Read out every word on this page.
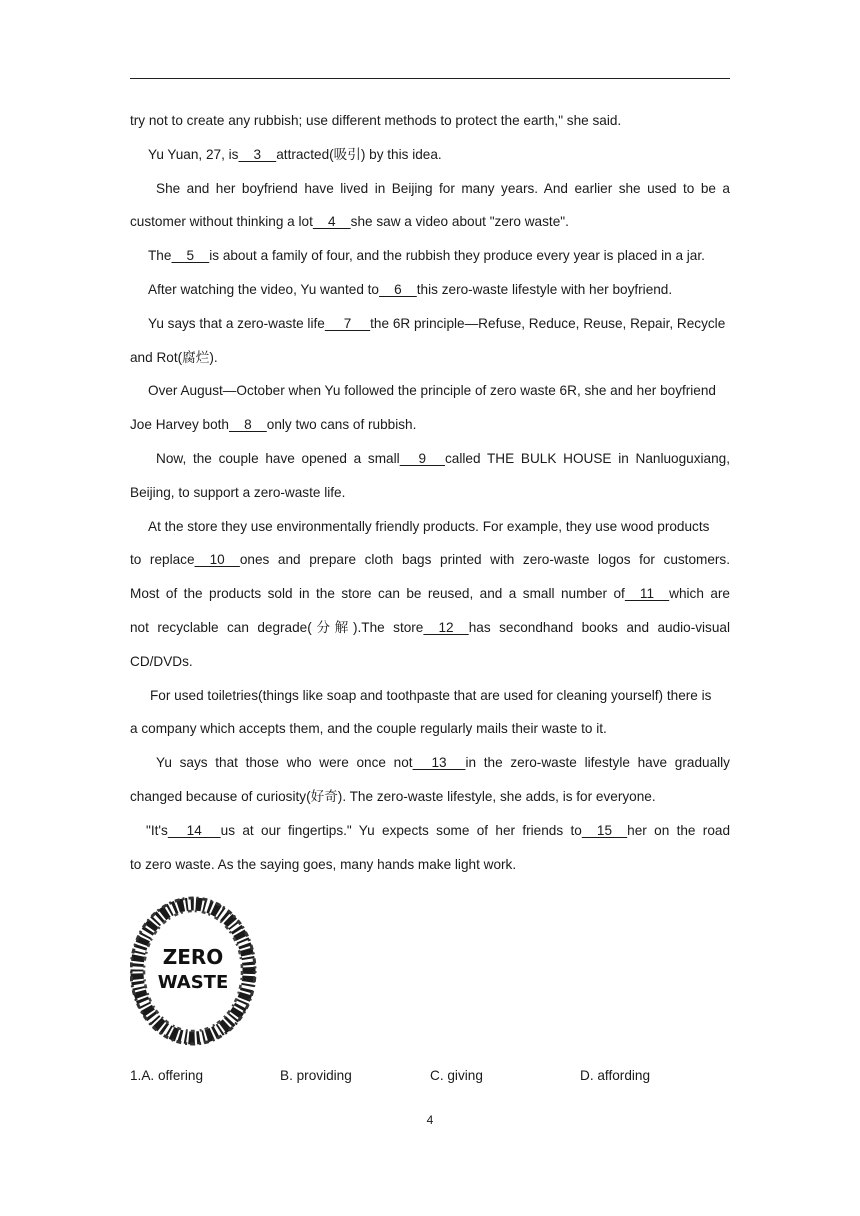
try not to create any rubbish; use different methods to protect the earth," she said.
Yu Yuan, 27, is    3    attracted(吸引) by this idea.
She and her boyfriend have lived in Beijing for many years. And earlier she used to be a
customer without thinking a lot    4    she saw a video about "zero waste".
The    5    is about a family of four, and the rubbish they produce every year is placed in a jar.
After watching the video, Yu wanted to    6    this zero-waste lifestyle with her boyfriend.
Yu says that a zero-waste life     7     the 6R principle—Refuse, Reduce, Reuse, Repair, Recycle
and Rot(腐烂).
Over August—October when Yu followed the principle of zero waste 6R, she and her boyfriend
Joe Harvey both    8    only two cans of rubbish.
Now, the couple have opened a small     9     called THE BULK HOUSE in Nanluoguxiang,
Beijing, to support a zero-waste life.
At the store they use environmentally friendly products. For example, they use wood products
to replace    10    ones and prepare cloth bags printed with zero-waste logos for customers.
Most of the products sold in the store can be reused, and a small number of    11    which are
not recyclable can degrade(分解).The store    12    has secondhand books and audio-visual
CD/DVDs.
For used toiletries(things like soap and toothpaste that are used for cleaning yourself) there is
a company which accepts them, and the couple regularly mails their waste to it.
Yu says that those who were once not     13     in the zero-waste lifestyle have gradually
changed because of curiosity(好奇). The zero-waste lifestyle, she adds, is for everyone.
"It's     14     us at our fingertips." Yu expects some of her friends to    15    her on the road
to zero waste. As the saying goes, many hands make light work.
ZERO
WASTE
1.A. offering	B. providing	C. giving	D. affording
4
